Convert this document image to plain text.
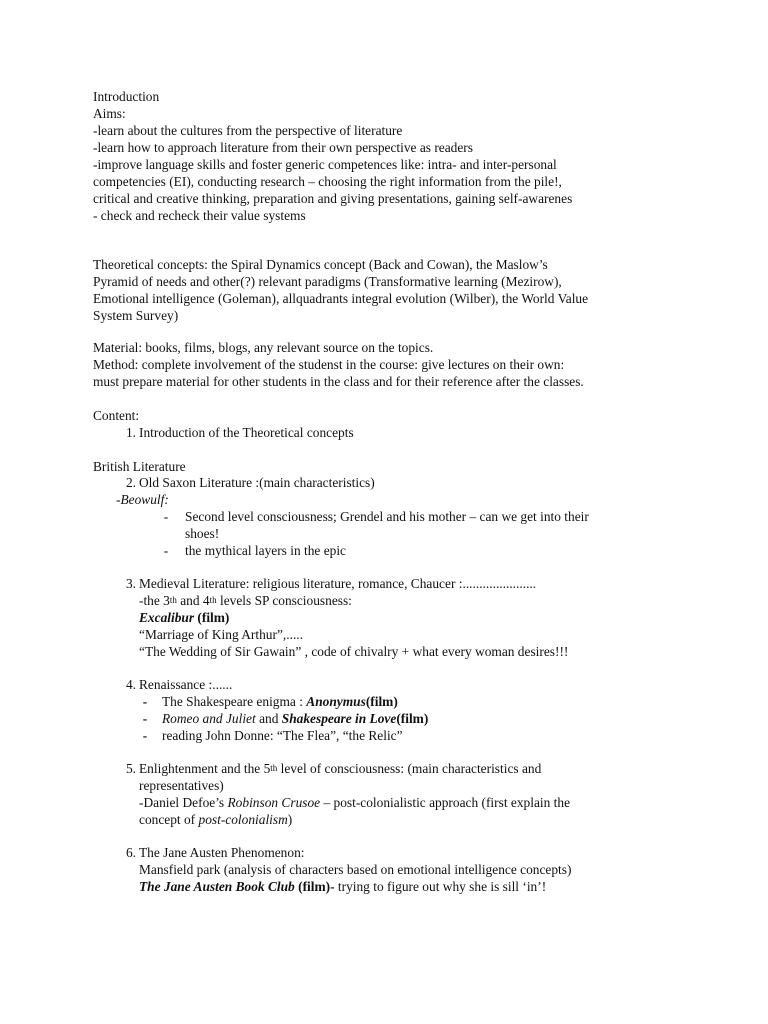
Introduction
Aims:
-learn about the cultures from the perspective of literature
-learn how to approach literature from their own perspective as readers
-improve language skills and foster generic competences like: intra- and inter-personal
competencies (EI), conducting research – choosing the right information from the pile!,
critical and creative thinking, preparation and giving presentations, gaining self-awarenes
- check and recheck their value systems
Theoretical concepts: the Spiral Dynamics concept (Back and Cowan), the Maslow’s
Pyramid of needs and other(?) relevant paradigms (Transformative learning (Mezirow),
Emotional intelligence (Goleman), allquadrants integral evolution (Wilber), the World Value
System Survey)
Material: books, films, blogs, any relevant source on the topics.
Method: complete involvement of the studenst in the course: give lectures on their own:
must prepare material for other students in the class and for their reference after the classes.
Content:
1. Introduction of the Theoretical concepts
British Literature
2. Old Saxon Literature :(main characteristics)
-Beowulf:
- Second level consciousness; Grendel and his mother – can we get into their
shoes!
- the mythical layers in the epic
3. Medieval Literature: religious literature, romance, Chaucer :......................
-the 3th and 4th levels SP consciousness:
Excalibur (film)
“Marriage of King Arthur”,.....
“The Wedding of Sir Gawain” , code of chivalry + what every woman desires!!!
4. Renaissance :......
-	The Shakespeare enigma : Anonymus(film)
-	Romeo and Juliet and Shakespeare in Love(film)
-	reading John Donne: “The Flea”, “the Relic”
5. Enlightenment and the 5th level of consciousness: (main characteristics and
representatives)
-Daniel Defoe’s Robinson Crusoe – post-colonialistic approach (first explain the
concept of post-colonialism)
6. The Jane Austen Phenomenon:
Mansfield park (analysis of characters based on emotional intelligence concepts)
The Jane Austen Book Club (film)- trying to figure out why she is sill ‘in’!
